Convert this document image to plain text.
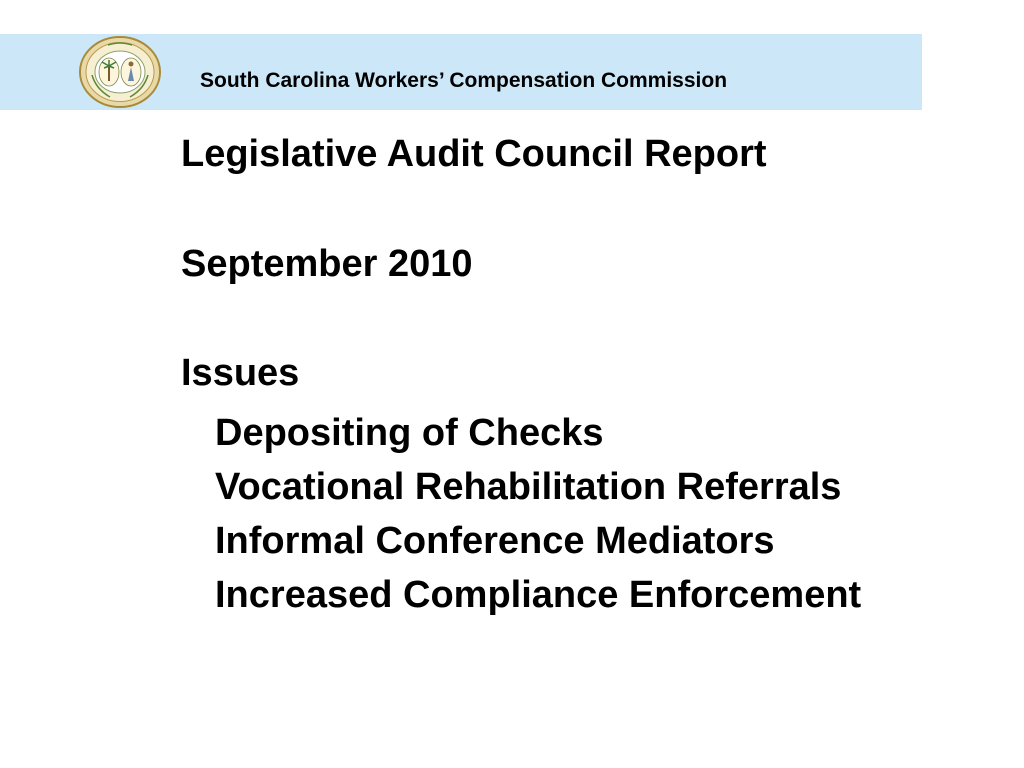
South Carolina Workers’ Compensation Commission
Legislative Audit Council Report
September 2010
Issues
Depositing of Checks
Vocational Rehabilitation Referrals
Informal Conference Mediators
Increased Compliance Enforcement
